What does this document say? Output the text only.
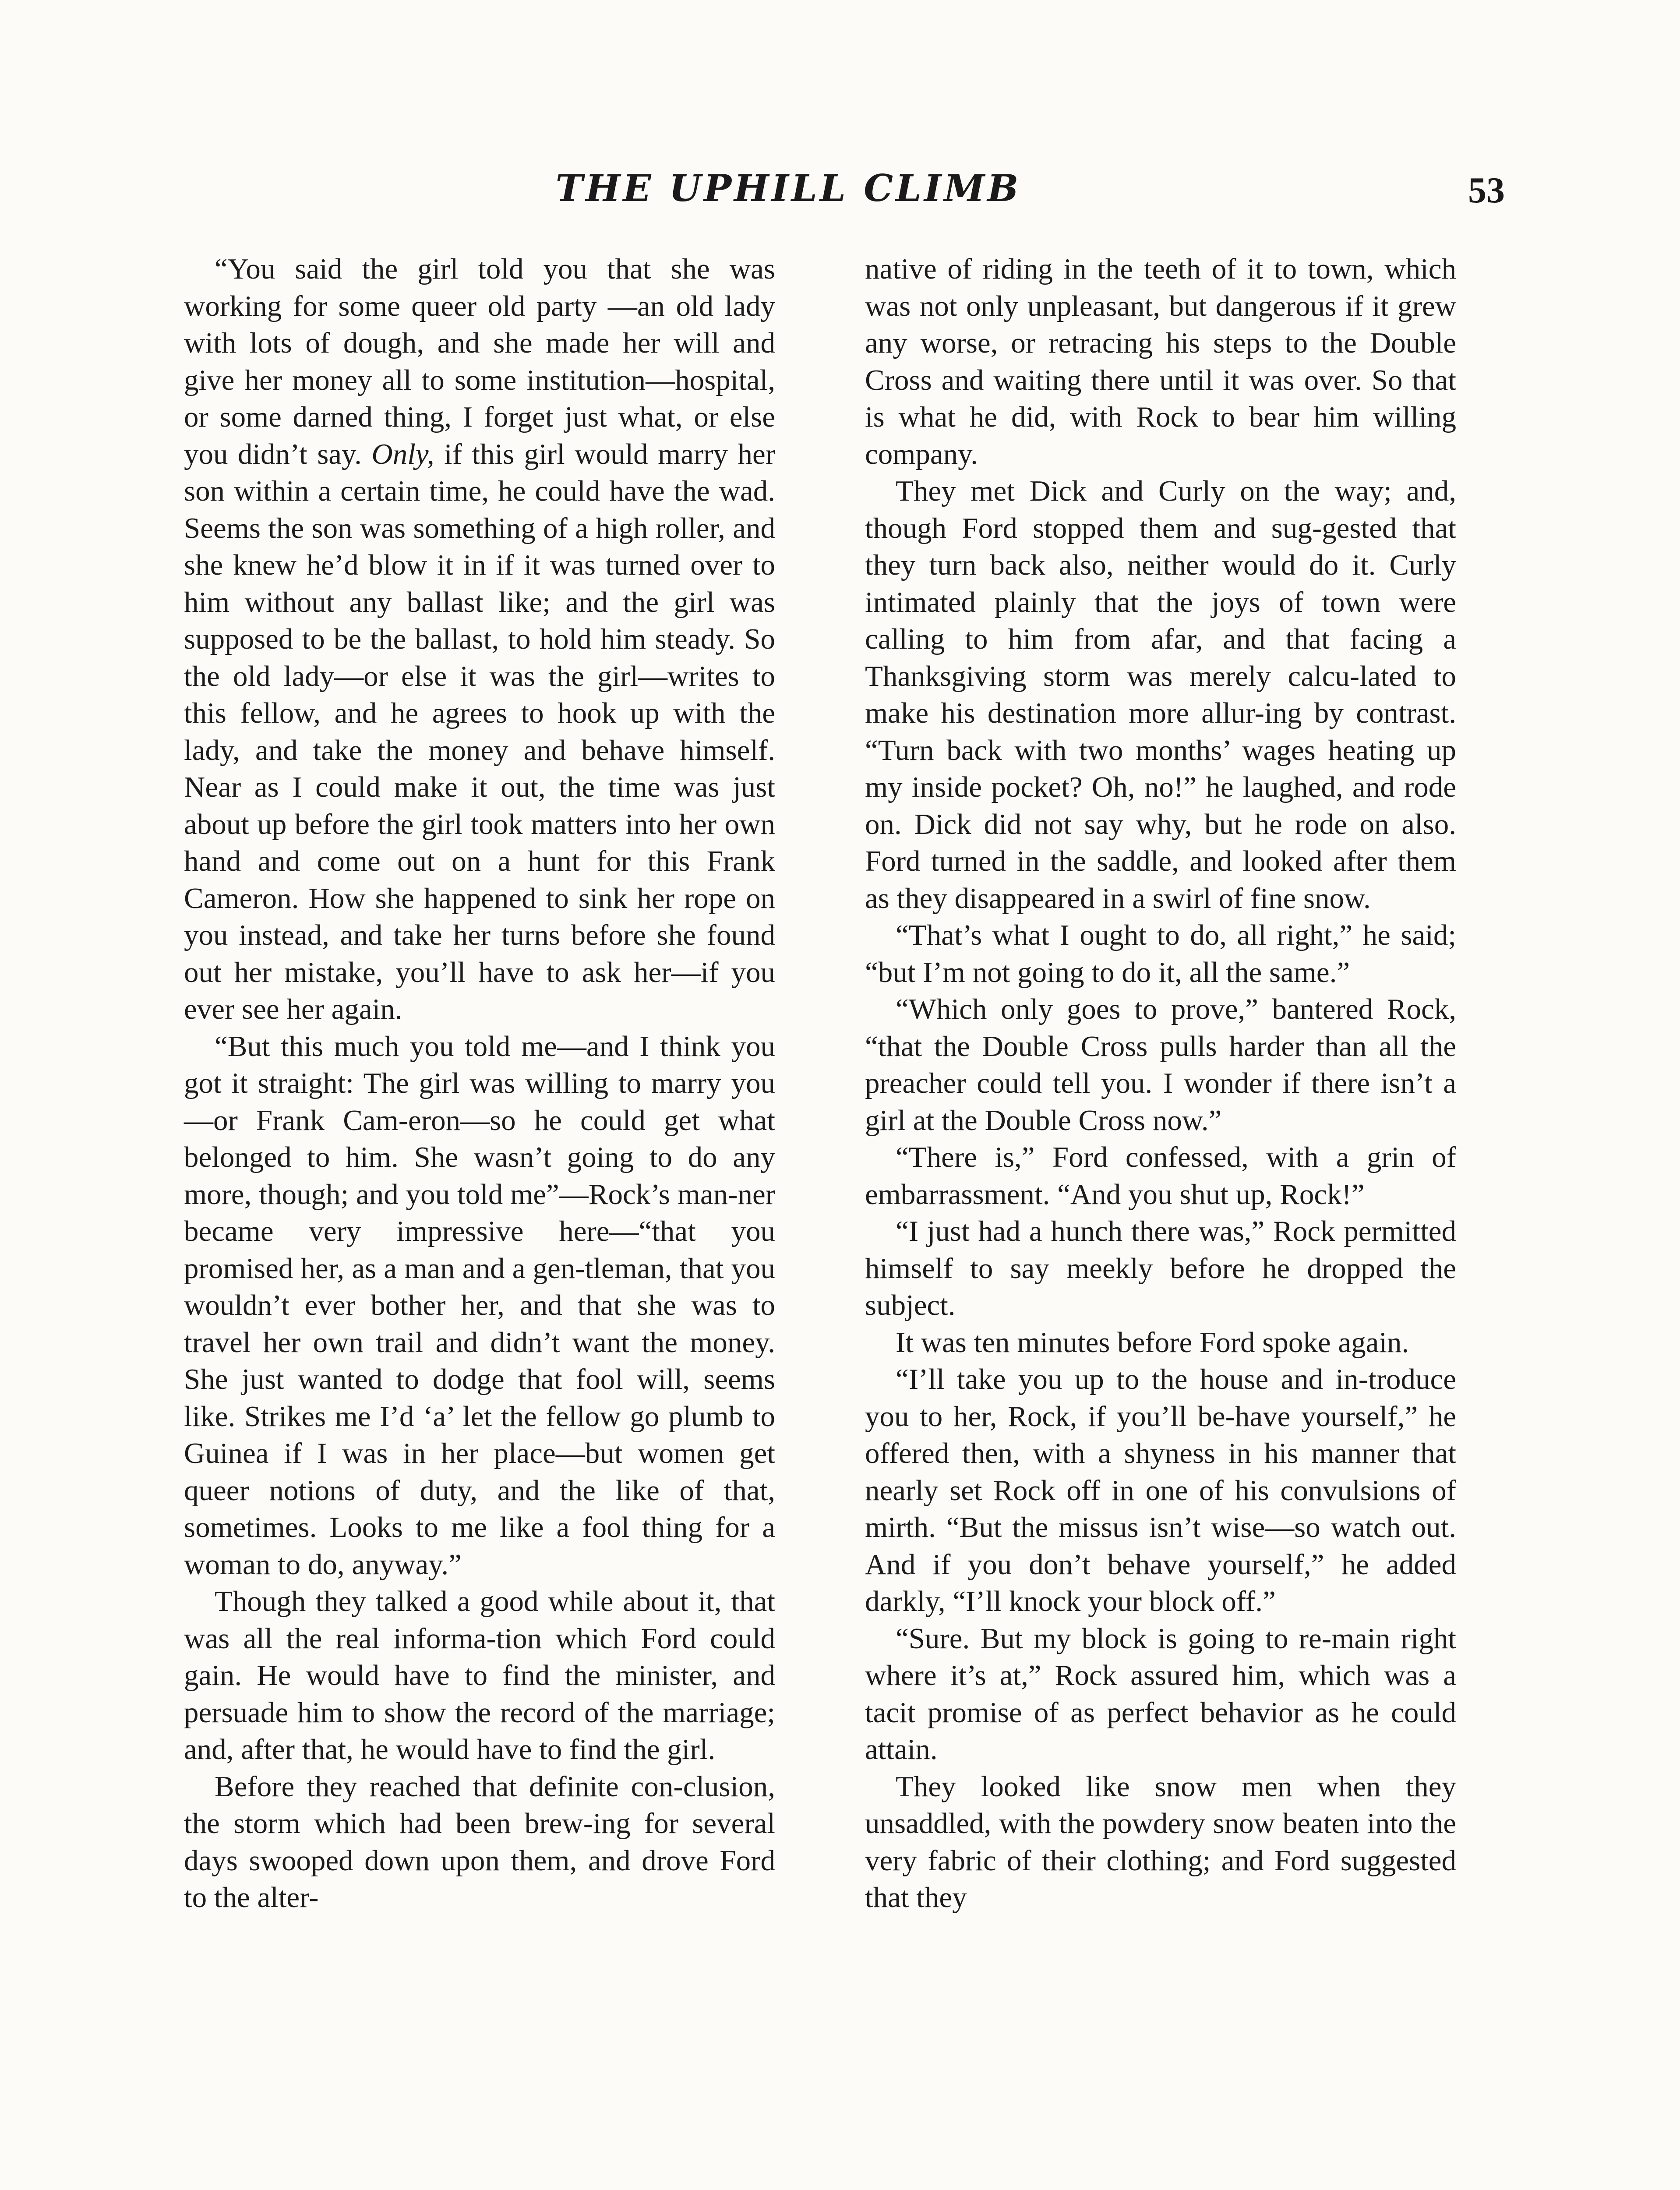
THE UPHILL CLIMB	53

“You said the girl told you that she was working for some queer old party —an old lady with lots of dough, and she made her will and give her money all to some institution—hospital, or some darned thing, I forget just what, or else you didn’t say. Only, if this girl would marry her son within a certain time, he could have the wad. Seems the son was something of a high roller, and she knew he’d blow it in if it was turned over to him without any ballast like; and the girl was supposed to be the ballast, to hold him steady. So the old lady—or else it was the girl—writes to this fellow, and he agrees to hook up with the lady, and take the money and behave himself. Near as I could make it out, the time was just about up before the girl took matters into her own hand and come out on a hunt for this Frank Cameron. How she happened to sink her rope on you instead, and take her turns before she found out her mistake, you’ll have to ask her—if you ever see her again.

“But this much you told me—and I think you got it straight: The girl was willing to marry you—or Frank Cam-eron—so he could get what belonged to him. She wasn’t going to do any more, though; and you told me”—Rock’s man-ner became very impressive here—“that you promised her, as a man and a gen-tleman, that you wouldn’t ever bother her, and that she was to travel her own trail and didn’t want the money. She just wanted to dodge that fool will, seems like. Strikes me I’d ‘a’ let the fellow go plumb to Guinea if I was in her place—but women get queer notions of duty, and the like of that, sometimes. Looks to me like a fool thing for a woman to do, anyway.”

Though they talked a good while about it, that was all the real informa-tion which Ford could gain. He would have to find the minister, and persuade him to show the record of the marriage; and, after that, he would have to find the girl.

Before they reached that definite con-clusion, the storm which had been brew-ing for several days swooped down upon them, and drove Ford to the alter-

native of riding in the teeth of it to town, which was not only unpleasant, but dangerous if it grew any worse, or retracing his steps to the Double Cross and waiting there until it was over. So that is what he did, with Rock to bear him willing company.

They met Dick and Curly on the way; and, though Ford stopped them and sug-gested that they turn back also, neither would do it. Curly intimated plainly that the joys of town were calling to him from afar, and that facing a Thanksgiving storm was merely calcu-lated to make his destination more allur-ing by contrast. “Turn back with two months’ wages heating up my inside pocket? Oh, no!” he laughed, and rode on. Dick did not say why, but he rode on also. Ford turned in the saddle, and looked after them as they disappeared in a swirl of fine snow.

“That’s what I ought to do, all right,” he said; “but I’m not going to do it, all the same.”

“Which only goes to prove,” bantered Rock, “that the Double Cross pulls harder than all the preacher could tell you. I wonder if there isn’t a girl at the Double Cross now.”

“There is,” Ford confessed, with a grin of embarrassment. “And you shut up, Rock!”

“I just had a hunch there was,” Rock permitted himself to say meekly before he dropped the subject.

It was ten minutes before Ford spoke again.

“I’ll take you up to the house and in-troduce you to her, Rock, if you’ll be-have yourself,” he offered then, with a shyness in his manner that nearly set Rock off in one of his convulsions of mirth. “But the missus isn’t wise—so watch out. And if you don’t behave yourself,” he added darkly, “I’ll knock your block off.”

“Sure. But my block is going to re-main right where it’s at,” Rock assured him, which was a tacit promise of as perfect behavior as he could attain.

They looked like snow men when they unsaddled, with the powdery snow beaten into the very fabric of their clothing; and Ford suggested that they
